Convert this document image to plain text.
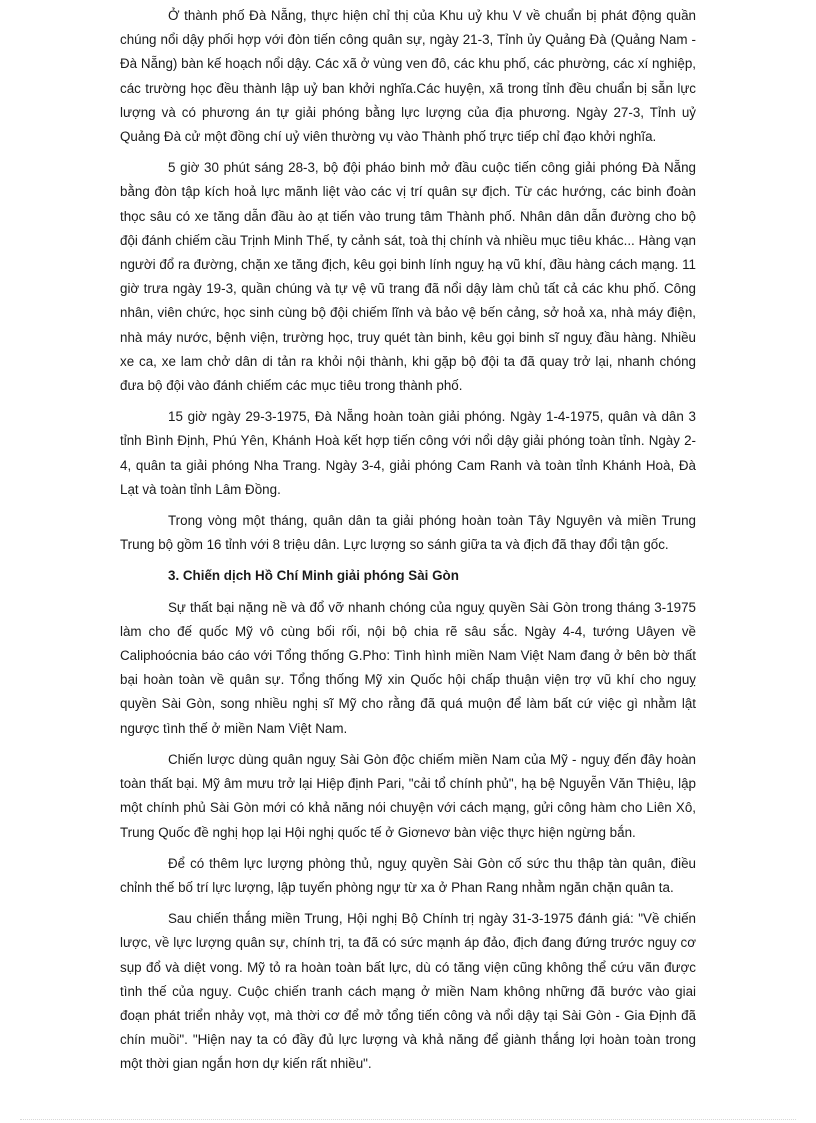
Ở thành phố Đà Nẵng, thực hiện chỉ thị của Khu uỷ khu V về chuẩn bị phát động quần chúng nổi dậy phối hợp với đòn tiến công quân sự, ngày 21-3, Tỉnh ủy Quảng Đà (Quảng Nam - Đà Nẵng) bàn kế hoạch nổi dậy. Các xã ở vùng ven đô, các khu phố, các phường, các xí nghiệp, các trường học đều thành lập uỷ ban khởi nghĩa.Các huyện, xã trong tỉnh đều chuẩn bị sẵn lực lượng và có phương án tự giải phóng bằng lực lượng của địa phương. Ngày 27-3, Tỉnh uỷ Quảng Đà cử một đồng chí uỷ viên thường vụ vào Thành phố trực tiếp chỉ đạo khởi nghĩa.

5 giờ 30 phút sáng 28-3, bộ đội pháo binh mở đầu cuộc tiến công giải phóng Đà Nẵng bằng đòn tập kích hoả lực mãnh liệt vào các vị trí quân sự địch. Từ các hướng, các binh đoàn thọc sâu có xe tăng dẫn đầu ào ạt tiến vào trung tâm Thành phố. Nhân dân dẫn đường cho bộ đội đánh chiếm cầu Trịnh Minh Thế, ty cảnh sát, toà thị chính và nhiều mục tiêu khác... Hàng vạn người đổ ra đường, chặn xe tăng địch, kêu gọi binh lính nguỵ hạ vũ khí, đầu hàng cách mạng. 11 giờ trưa ngày 19-3, quần chúng và tự vệ vũ trang đã nổi dậy làm chủ tất cả các khu phố. Công nhân, viên chức, học sinh cùng bộ đội chiếm lĩnh và bảo vệ bến cảng, sở hoả xa, nhà máy điện, nhà máy nước, bệnh viện, trường học, truy quét tàn binh, kêu gọi binh sĩ nguỵ đầu hàng. Nhiều xe ca, xe lam chở dân di tản ra khỏi nội thành, khi gặp bộ đội ta đã quay trở lại, nhanh chóng đưa bộ đội vào đánh chiếm các mục tiêu trong thành phố.

15 giờ ngày 29-3-1975, Đà Nẵng hoàn toàn giải phóng. Ngày 1-4-1975, quân và dân 3 tỉnh Bình Định, Phú Yên, Khánh Hoà kết hợp tiến công với nổi dậy giải phóng toàn tỉnh. Ngày 2-4, quân ta giải phóng Nha Trang. Ngày 3-4, giải phóng Cam Ranh và toàn tỉnh Khánh Hoà, Đà Lạt và toàn tỉnh Lâm Đồng.

Trong vòng một tháng, quân dân ta giải phóng hoàn toàn Tây Nguyên và miền Trung Trung bộ gồm 16 tỉnh với 8 triệu dân. Lực lượng so sánh giữa ta và địch đã thay đổi tận gốc.

3. Chiến dịch Hồ Chí Minh giải phóng Sài Gòn

Sự thất bại nặng nề và đổ vỡ nhanh chóng của nguỵ quyền Sài Gòn trong tháng 3-1975 làm cho đế quốc Mỹ vô cùng bối rối, nội bộ chia rẽ sâu sắc. Ngày 4-4, tướng Uâyen về Caliphoócnia báo cáo với Tổng thống G.Pho: Tình hình miền Nam Việt Nam đang ở bên bờ thất bại hoàn toàn về quân sự. Tổng thống Mỹ xin Quốc hội chấp thuận viện trợ vũ khí cho nguỵ quyền Sài Gòn, song nhiều nghị sĩ Mỹ cho rằng đã quá muộn để làm bất cứ việc gì nhằm lật ngược tình thế ở miền Nam Việt Nam.

Chiến lược dùng quân nguỵ Sài Gòn độc chiếm miền Nam của Mỹ - nguỵ đến đây hoàn toàn thất bại. Mỹ âm mưu trở lại Hiệp định Pari, "cải tổ chính phủ", hạ bệ Nguyễn Văn Thiệu, lập một chính phủ Sài Gòn mới có khả năng nói chuyện với cách mạng, gửi công hàm cho Liên Xô, Trung Quốc đề nghị họp lại Hội nghị quốc tế ở Giơnevơ bàn việc thực hiện ngừng bắn.

Để có thêm lực lượng phòng thủ, nguỵ quyền Sài Gòn cố sức thu thập tàn quân, điều chỉnh thế bố trí lực lượng, lập tuyến phòng ngự từ xa ở Phan Rang nhằm ngăn chặn quân ta.

Sau chiến thắng miền Trung, Hội nghị Bộ Chính trị ngày 31-3-1975 đánh giá: "Về chiến lược, về lực lượng quân sự, chính trị, ta đã có sức mạnh áp đảo, địch đang đứng trước nguy cơ sụp đổ và diệt vong. Mỹ tỏ ra hoàn toàn bất lực, dù có tăng viện cũng không thể cứu vãn được tình thế của nguỵ. Cuộc chiến tranh cách mạng ở miền Nam không những đã bước vào giai đoạn phát triển nhảy vọt, mà thời cơ để mở tổng tiến công và nổi dậy tại Sài Gòn - Gia Định đã chín muồi". "Hiện nay ta có đầy đủ lực lượng và khả năng để giành thắng lợi hoàn toàn trong một thời gian ngắn hơn dự kiến rất nhiều".
